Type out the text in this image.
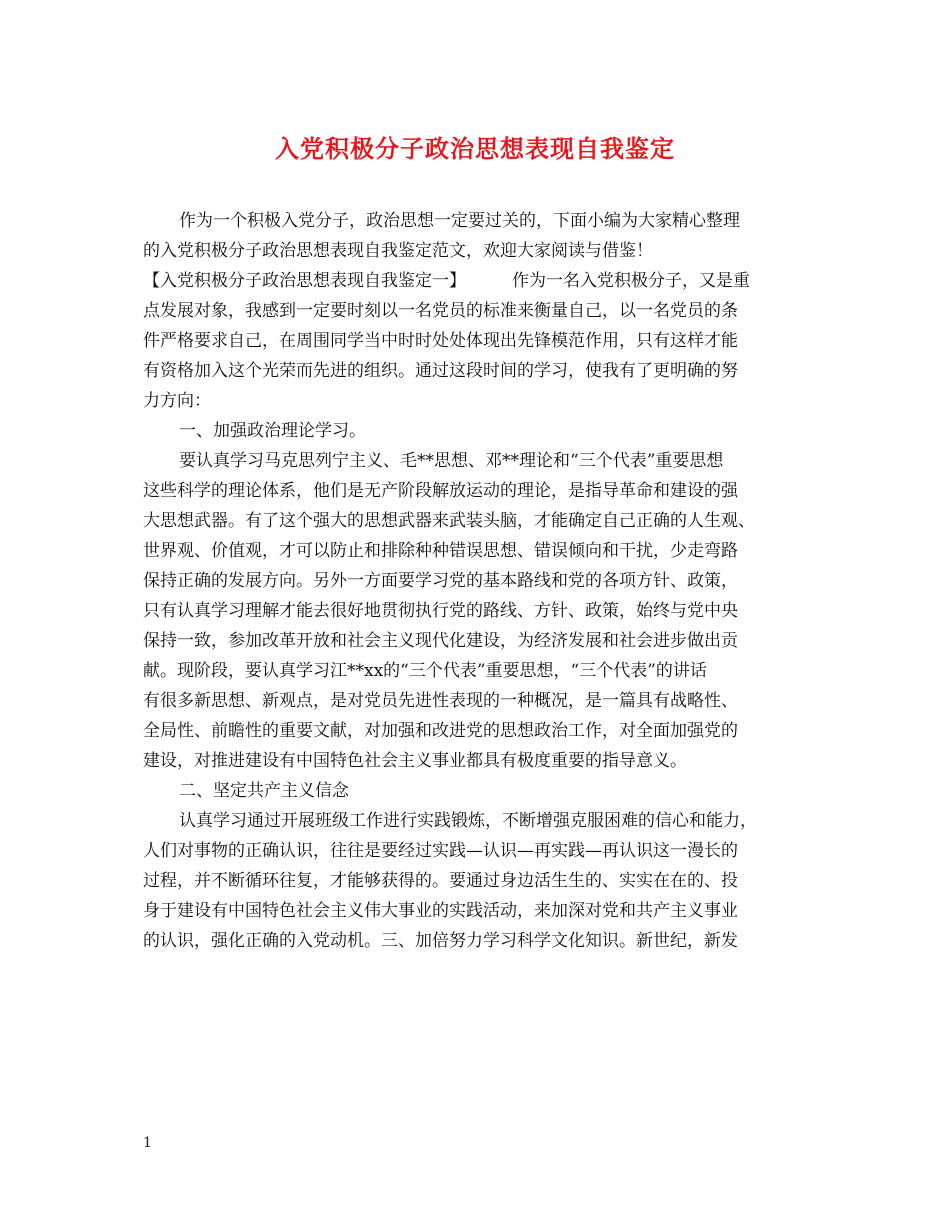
入党积极分子政治思想表现自我鉴定
作为一个积极入党分子，政治思想一定要过关的，下面小编为大家精心整理
的入党积极分子政治思想表现自我鉴定范文，欢迎大家阅读与借鉴！
【入党积极分子政治思想表现自我鉴定一】	作为一名入党积极分子，又是重
点发展对象，我感到一定要时刻以一名党员的标准来衡量自己，以一名党员的条
件严格要求自己，在周围同学当中时时处处体现出先锋模范作用，只有这样才能
有资格加入这个光荣而先进的组织。通过这段时间的学习，使我有了更明确的努
力方向：
一、加强政治理论学习。
要认真学习马克思列宁主义、毛**思想、邓**理论和“三个代表”重要思想
这些科学的理论体系，他们是无产阶段解放运动的理论，是指导革命和建设的强
大思想武器。有了这个强大的思想武器来武装头脑，才能确定自己正确的人生观、
世界观、价值观，才可以防止和排除种种错误思想、错误倾向和干扰，少走弯路
保持正确的发展方向。另外一方面要学习党的基本路线和党的各项方针、政策，
只有认真学习理解才能去很好地贯彻执行党的路线、方针、政策，始终与党中央
保持一致，参加改革开放和社会主义现代化建设，为经济发展和社会进步做出贡
献。现阶段，要认真学习江**xx的“三个代表”重要思想，“三个代表”的讲话
有很多新思想、新观点，是对党员先进性表现的一种概况，是一篇具有战略性、
全局性、前瞻性的重要文献，对加强和改进党的思想政治工作，对全面加强党的
建设，对推进建设有中国特色社会主义事业都具有极度重要的指导意义。
二、坚定共产主义信念
认真学习通过开展班级工作进行实践锻炼，不断增强克服困难的信心和能力，
人们对事物的正确认识，往往是要经过实践—认识—再实践—再认识这一漫长的
过程，并不断循环往复，才能够获得的。要通过身边活生生的、实实在在的、投
身于建设有中国特色社会主义伟大事业的实践活动，来加深对党和共产主义事业
的认识，强化正确的入党动机。三、加倍努力学习科学文化知识。新世纪，新发
1
